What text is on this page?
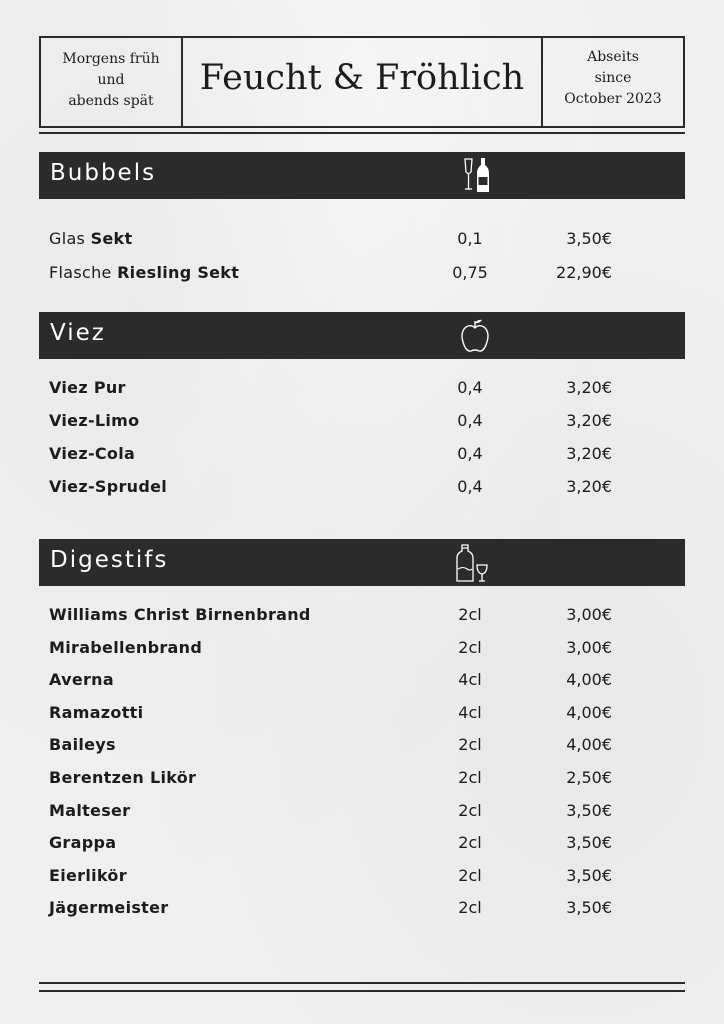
Morgens früh
und
abends spät
Feucht & Fröhlich
Abseits
since
October 2023
Bubbels
Glas Sekt	0,1	3,50€
Flasche Riesling Sekt	0,75	22,90€
Viez
Viez Pur	0,4	3,20€
Viez-Limo	0,4	3,20€
Viez-Cola	0,4	3,20€
Viez-Sprudel	0,4	3,20€
Digestifs
Williams Christ Birnenbrand	2cl	3,00€
Mirabellenbrand	2cl	3,00€
Averna	4cl	4,00€
Ramazotti	4cl	4,00€
Baileys	2cl	4,00€
Berentzen Likör	2cl	2,50€
Malteser	2cl	3,50€
Grappa	2cl	3,50€
Eierlikör	2cl	3,50€
Jägermeister	2cl	3,50€
